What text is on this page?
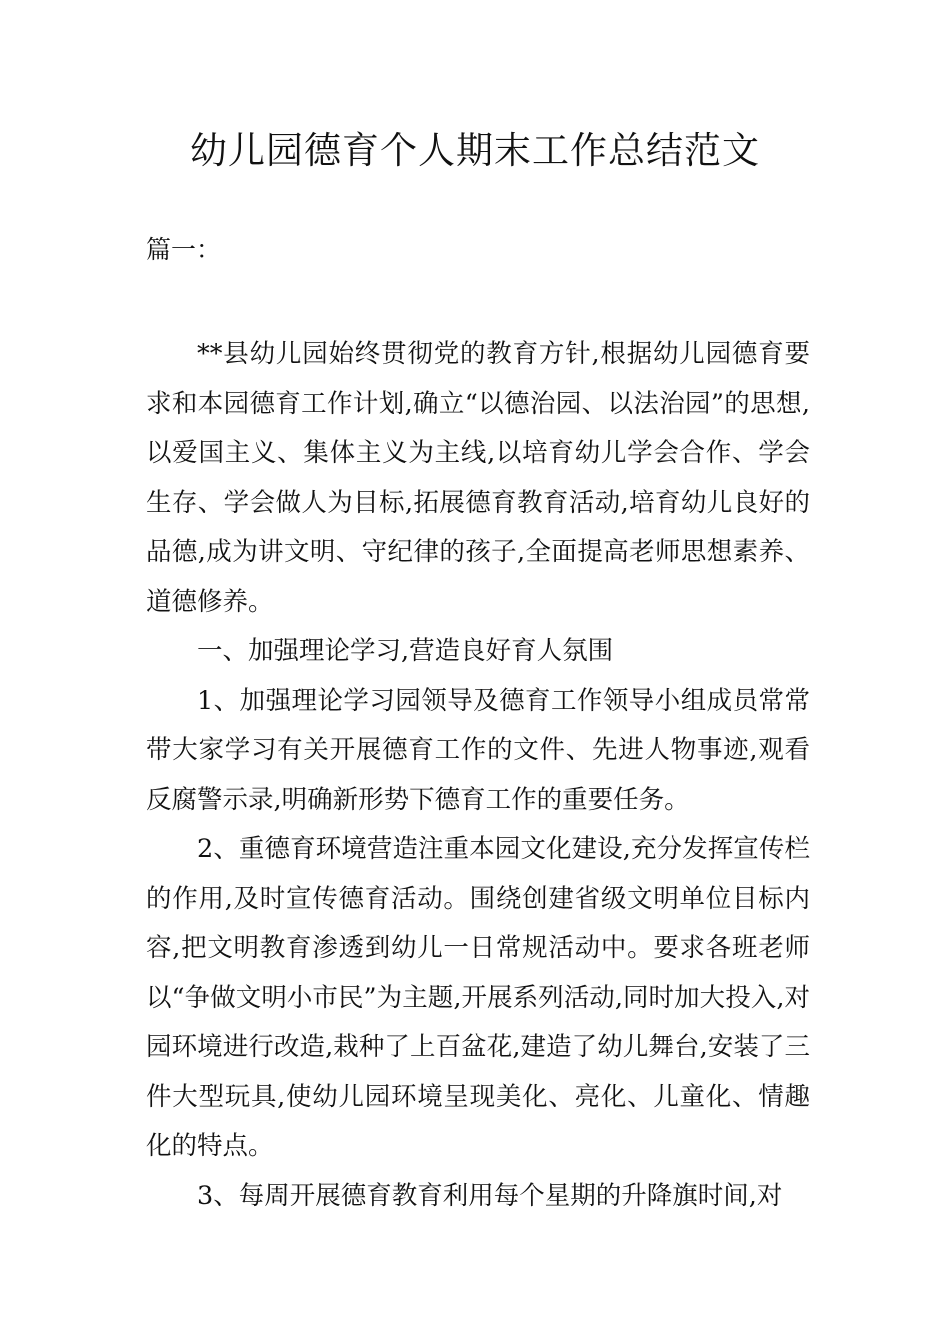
幼儿园德育个人期末工作总结范文
篇一：

**县幼儿园始终贯彻党的教育方针,根据幼儿园德育要求和本园德育工作计划,确立“以德治园、以法治园”的思想,以爱国主义、集体主义为主线,以培育幼儿学会合作、学会生存、学会做人为目标,拓展德育教育活动,培育幼儿良好的品德,成为讲文明、守纪律的孩子,全面提高老师思想素养、道德修养。

一、加强理论学习,营造良好育人氛围

1、加强理论学习园领导及德育工作领导小组成员常常带大家学习有关开展德育工作的文件、先进人物事迹,观看反腐警示录,明确新形势下德育工作的重要任务。

2、重德育环境营造注重本园文化建设,充分发挥宣传栏的作用,及时宣传德育活动。围绕创建省级文明单位目标内容,把文明教育渗透到幼儿一日常规活动中。要求各班老师以“争做文明小市民”为主题,开展系列活动,同时加大投入,对园环境进行改造,栽种了上百盆花,建造了幼儿舞台,安装了三件大型玩具,使幼儿园环境呈现美化、亮化、儿童化、情趣化的特点。

3、每周开展德育教育利用每个星期的升降旗时间,对
